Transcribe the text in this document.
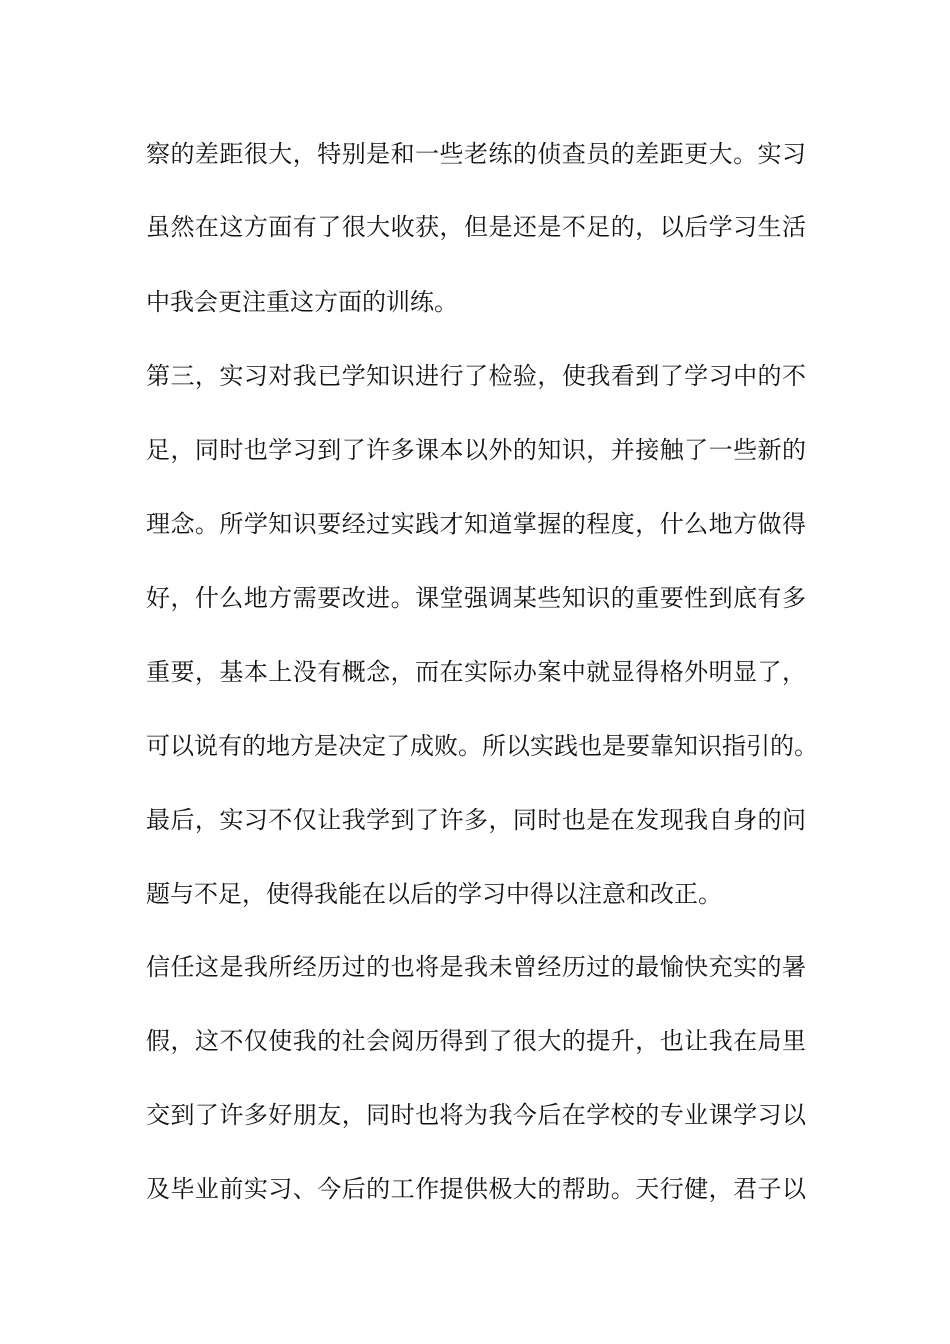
察的差距很大，特别是和一些老练的侦查员的差距更大。实习
虽然在这方面有了很大收获，但是还是不足的，以后学习生活
中我会更注重这方面的训练。
第三，实习对我已学知识进行了检验，使我看到了学习中的不
足，同时也学习到了许多课本以外的知识，并接触了一些新的
理念。所学知识要经过实践才知道掌握的程度，什么地方做得
好，什么地方需要改进。课堂强调某些知识的重要性到底有多
重要，基本上没有概念，而在实际办案中就显得格外明显了，
可以说有的地方是决定了成败。所以实践也是要靠知识指引的。
最后，实习不仅让我学到了许多，同时也是在发现我自身的问
题与不足，使得我能在以后的学习中得以注意和改正。
信任这是我所经历过的也将是我未曾经历过的最愉快充实的暑
假，这不仅使我的社会阅历得到了很大的提升，也让我在局里
交到了许多好朋友，同时也将为我今后在学校的专业课学习以
及毕业前实习、今后的工作提供极大的帮助。天行健，君子以
